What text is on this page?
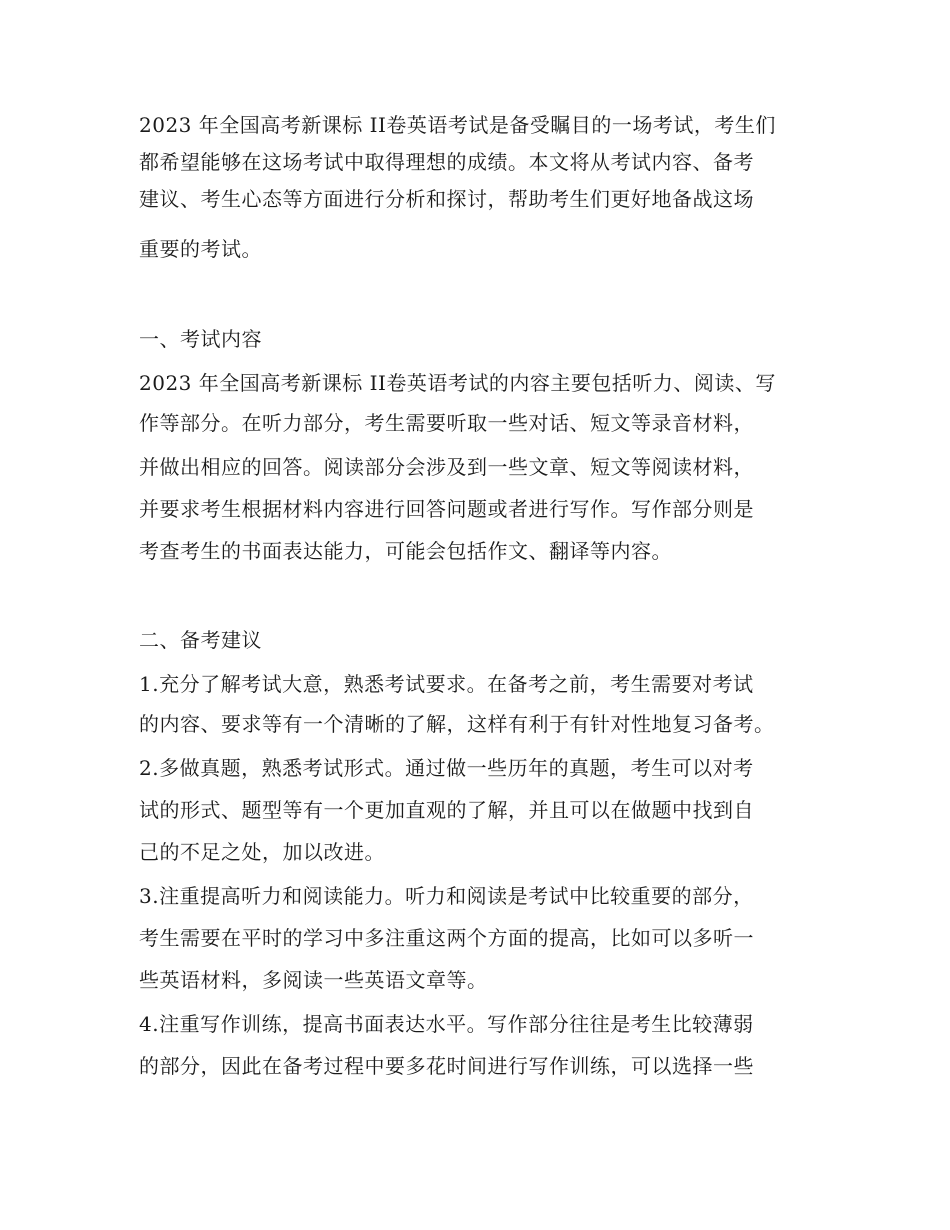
2023 年全国高考新课标 II卷英语考试是备受瞩目的一场考试，考生们
都希望能够在这场考试中取得理想的成绩。本文将从考试内容、备考
建议、考生心态等方面进行分析和探讨，帮助考生们更好地备战这场
重要的考试。
一、考试内容
2023 年全国高考新课标 II卷英语考试的内容主要包括听力、阅读、写
作等部分。在听力部分，考生需要听取一些对话、短文等录音材料，
并做出相应的回答。阅读部分会涉及到一些文章、短文等阅读材料，
并要求考生根据材料内容进行回答问题或者进行写作。写作部分则是
考查考生的书面表达能力，可能会包括作文、翻译等内容。
二、备考建议
1.充分了解考试大意，熟悉考试要求。在备考之前，考生需要对考试
的内容、要求等有一个清晰的了解，这样有利于有针对性地复习备考。
2.多做真题，熟悉考试形式。通过做一些历年的真题，考生可以对考
试的形式、题型等有一个更加直观的了解，并且可以在做题中找到自
己的不足之处，加以改进。
3.注重提高听力和阅读能力。听力和阅读是考试中比较重要的部分，
考生需要在平时的学习中多注重这两个方面的提高，比如可以多听一
些英语材料，多阅读一些英语文章等。
4.注重写作训练，提高书面表达水平。写作部分往往是考生比较薄弱
的部分，因此在备考过程中要多花时间进行写作训练，可以选择一些
